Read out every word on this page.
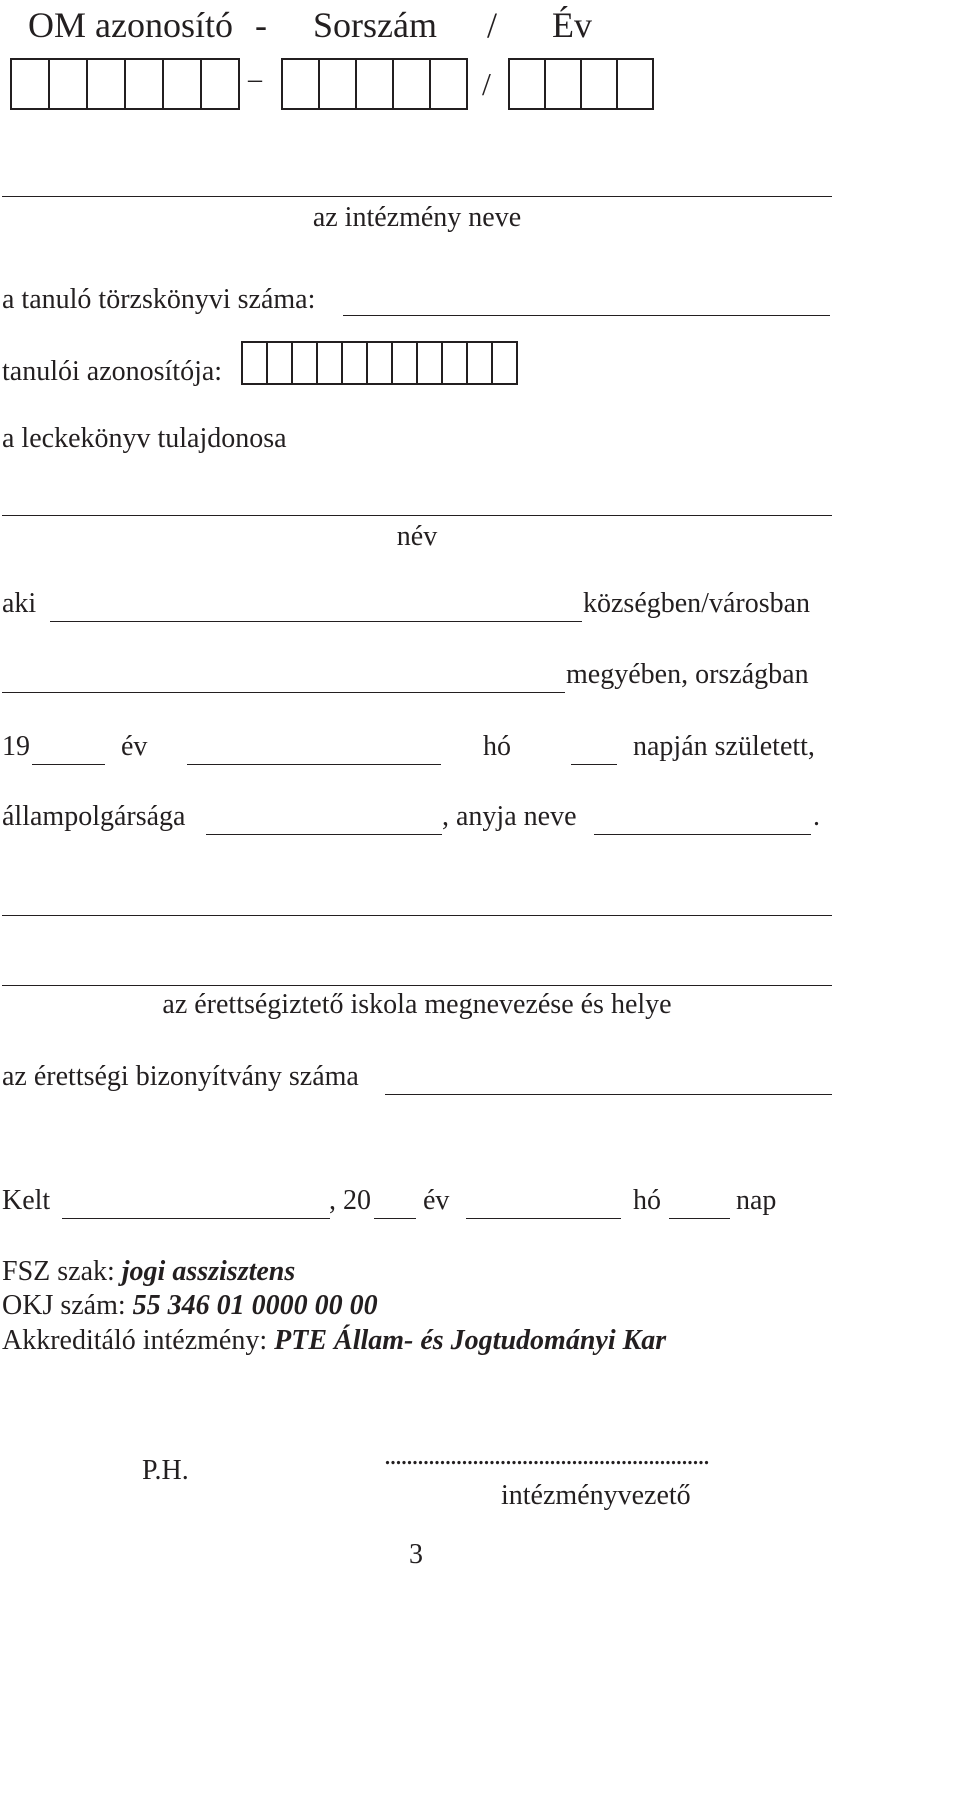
OM azonosító - Sorszám / Év
–	/
az intézmény neve
a tanuló törzskönyvi száma:
tanulói azonosítója:
a leckekönyv tulajdonosa
név
aki	községben/városban
megyében, országban
19	év	hó	napján született,
állampolgársága	, anyja neve	.
az érettségiztető iskola megnevezése és helye
az érettségi bizonyítvány száma
Kelt	, 20 év	hó	nap
FSZ szak: jogi asszisztens
OKJ szám: 55 346 01 0000 00 00
Akkreditáló intézmény: PTE Állam- és Jogtudományi Kar
P.H.	...........................................................
intézményvezető
3
